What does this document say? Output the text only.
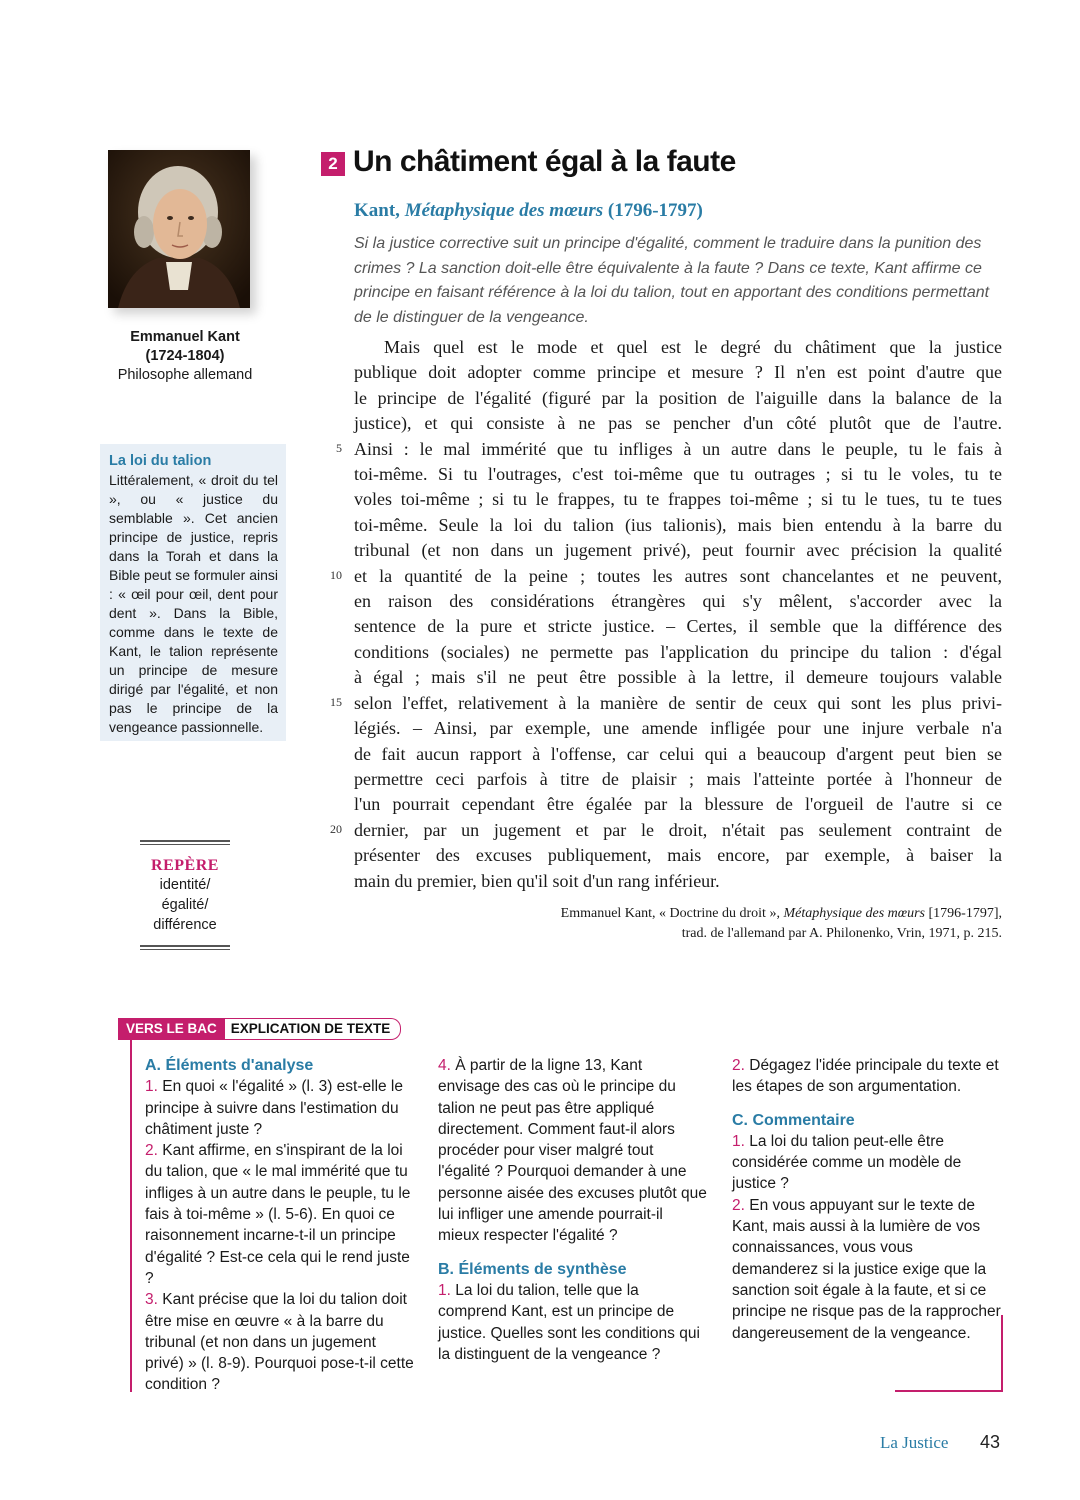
Emmanuel Kant
(1724-1804)
Philosophe allemand
La loi du talion
Littéralement, « droit du tel », ou « justice du semblable ». Cet ancien principe de justice, repris dans la Torah et dans la Bible peut se formuler ainsi : « œil pour œil, dent pour dent ». Dans la Bible, comme dans le texte de Kant, le talion représente un principe de mesure dirigé par l'égalité, et non pas le principe de la vengeance passionnelle.
REPÈRE
identité/égalité/ différence
2 Un châtiment égal à la faute
Kant, Métaphysique des mœurs (1796-1797)
Si la justice corrective suit un principe d'égalité, comment le traduire dans la punition des crimes ? La sanction doit-elle être équivalente à la faute ? Dans ce texte, Kant affirme ce principe en faisant référence à la loi du talion, tout en apportant des conditions permettant de le distinguer de la vengeance.
Mais quel est le mode et quel est le degré du châtiment que la justice
publique doit adopter comme principe et mesure ? Il n'en est point d'autre que
le principe de l'égalité (figuré par la position de l'aiguille dans la balance de la
justice), et qui consiste à ne pas se pencher d'un côté plutôt que de l'autre.
Ainsi : le mal immérité que tu infliges à un autre dans le peuple, tu le fais à
toi-même. Si tu l'outrages, c'est toi-même que tu outrages ; si tu le voles, tu te
voles toi-même ; si tu le frappes, tu te frappes toi-même ; si tu le tues, tu te tues
toi-même. Seule la loi du talion (ius talionis), mais bien entendu à la barre du
tribunal (et non dans un jugement privé), peut fournir avec précision la qualité
et la quantité de la peine ; toutes les autres sont chancelantes et ne peuvent,
en raison des considérations étrangères qui s'y mêlent, s'accorder avec la
sentence de la pure et stricte justice. – Certes, il semble que la différence des
conditions (sociales) ne permette pas l'application du principe du talion : d'égal
à égal ; mais s'il ne peut être possible à la lettre, il demeure toujours valable
selon l'effet, relativement à la manière de sentir de ceux qui sont les plus privi-
légiés. – Ainsi, par exemple, une amende infligée pour une injure verbale n'a
de fait aucun rapport à l'offense, car celui qui a beaucoup d'argent peut bien se
permettre ceci parfois à titre de plaisir ; mais l'atteinte portée à l'honneur de
l'un pourrait cependant être égalée par la blessure de l'orgueil de l'autre si ce
dernier, par un jugement et par le droit, n'était pas seulement contraint de
présenter des excuses publiquement, mais encore, par exemple, à baiser la
main du premier, bien qu'il soit d'un rang inférieur.
5
10
15
20
Emmanuel Kant, « Doctrine du droit », Métaphysique des mœurs [1796-1797],
trad. de l'allemand par A. Philonenko, Vrin, 1971, p. 215.
VERS LE BAC	EXPLICATION DE TEXTE
A. Éléments d'analyse
1. En quoi « l'égalité » (l. 3) est-elle le principe à suivre dans l'estimation du châtiment juste ?
2. Kant affirme, en s'inspirant de la loi du talion, que « le mal immérité que tu infliges à un autre dans le peuple, tu le fais à toi-même » (l. 5-6). En quoi ce raisonnement incarne-t-il un principe d'égalité ? Est-ce cela qui le rend juste ?
3. Kant précise que la loi du talion doit être mise en œuvre « à la barre du tribunal (et non dans un jugement privé) » (l. 8-9). Pourquoi pose-t-il cette condition ?
4. À partir de la ligne 13, Kant envisage des cas où le principe du talion ne peut pas être appliqué directement. Comment faut-il alors procéder pour viser malgré tout l'égalité ? Pourquoi demander à une personne aisée des excuses plutôt que lui infliger une amende pourrait-il mieux respecter l'égalité ?
B. Éléments de synthèse
1. La loi du talion, telle que la comprend Kant, est un principe de justice. Quelles sont les conditions qui la distinguent de la vengeance ?
2. Dégagez l'idée principale du texte et les étapes de son argumentation.
C. Commentaire
1. La loi du talion peut-elle être considérée comme un modèle de justice ?
2. En vous appuyant sur le texte de Kant, mais aussi à la lumière de vos connaissances, vous vous demanderez si la justice exige que la sanction soit égale à la faute, et si ce principe ne risque pas de la rapprocher dangereusement de la vengeance.
La Justice 43
